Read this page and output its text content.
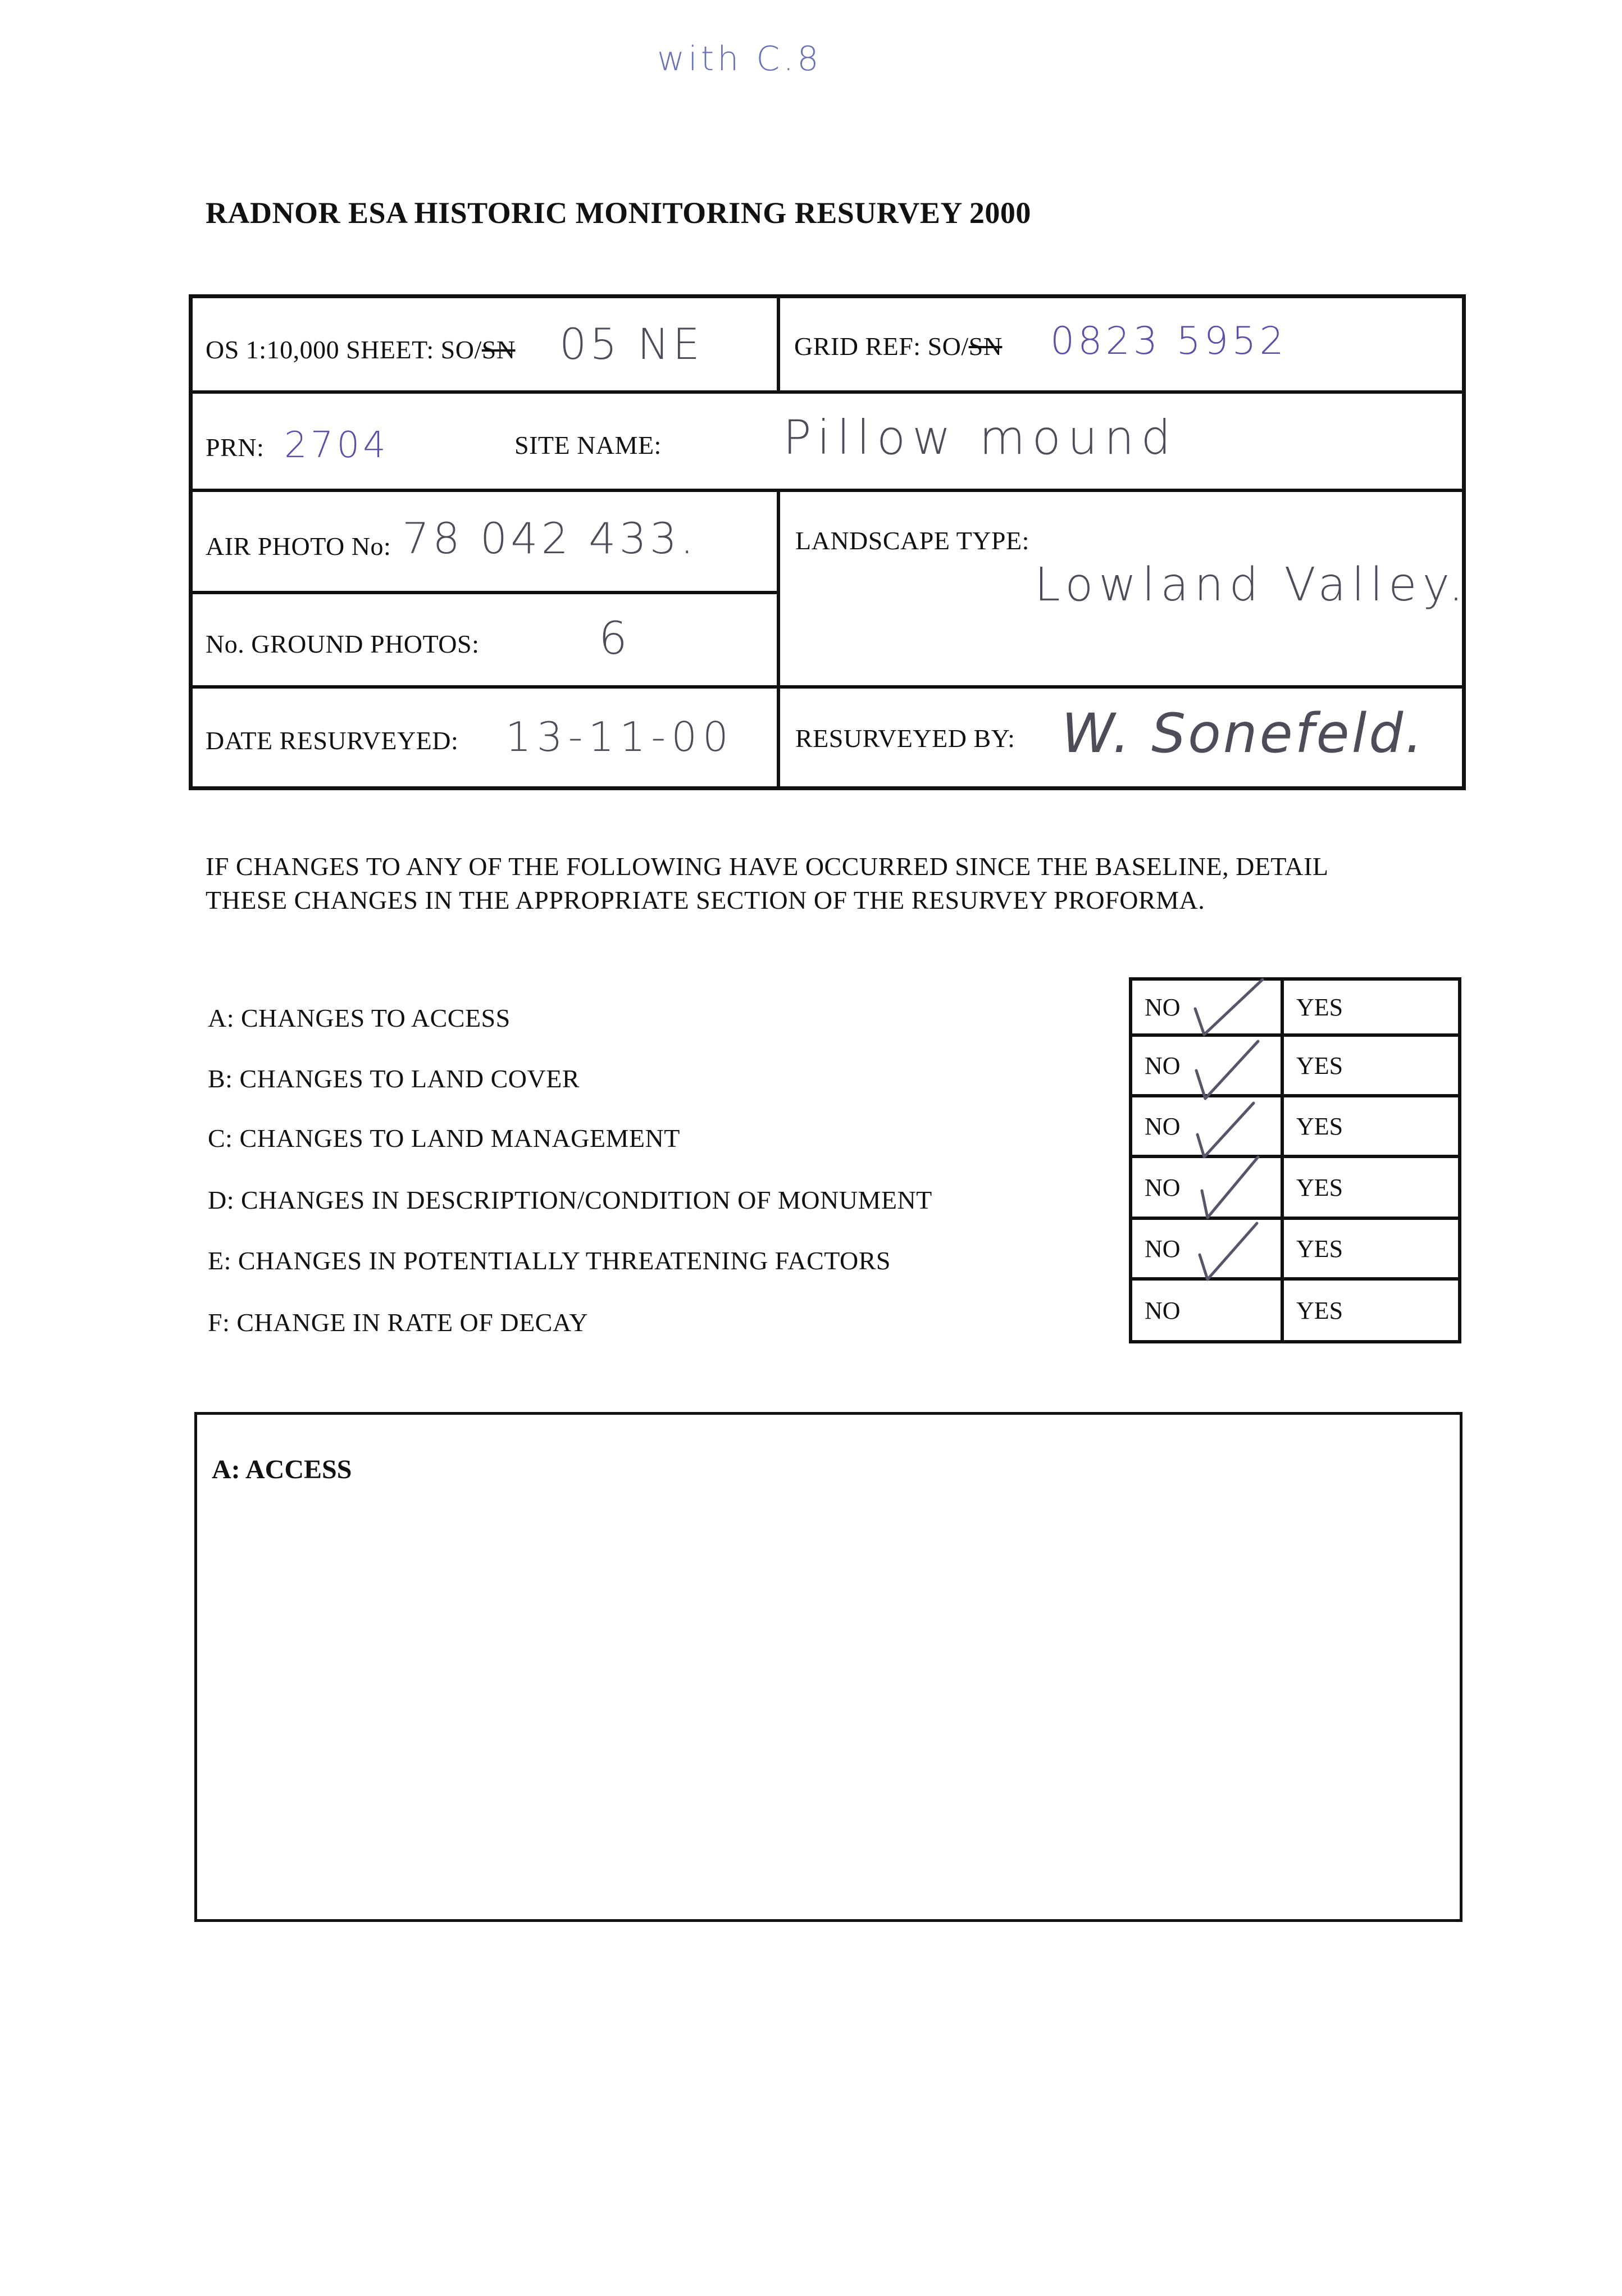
with C.8
RADNOR ESA HISTORIC MONITORING RESURVEY 2000
OS 1:10,000 SHEET: SO/SN 05 NE	GRID REF: SO/SN 0823 5952
PRN: 2704	SITE NAME:	Pillow mound
AIR PHOTO No: 78 042 433.	LANDSCAPE TYPE:
Lowland Valley.
No. GROUND PHOTOS:	6
DATE RESURVEYED: 13-11-00 RESURVEYED BY: W. Sonefeld.
IF CHANGES TO ANY OF THE FOLLOWING HAVE OCCURRED SINCE THE BASELINE, DETAIL
THESE CHANGES IN THE APPROPRIATE SECTION OF THE RESURVEY PROFORMA.
A: CHANGES TO ACCESS
B: CHANGES TO LAND COVER
C: CHANGES TO LAND MANAGEMENT
D: CHANGES IN DESCRIPTION/CONDITION OF MONUMENT
E: CHANGES IN POTENTIALLY THREATENING FACTORS
F: CHANGE IN RATE OF DECAY
NO	YES
NO	YES
NO	YES
NO	YES
NO	YES
NO	YES
A: ACCESS
